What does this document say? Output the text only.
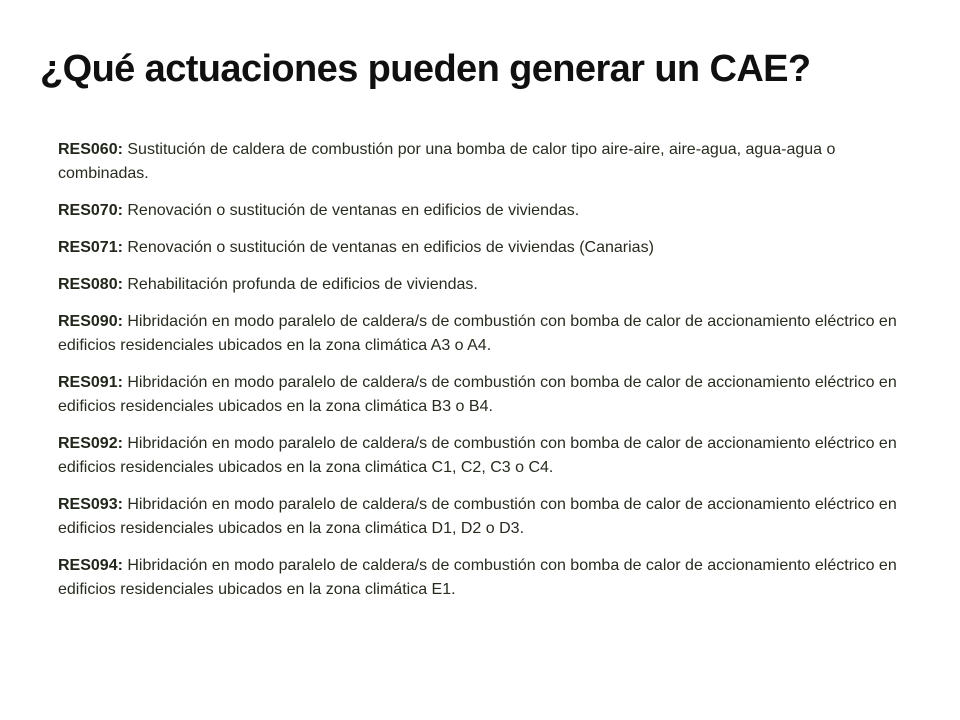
¿Qué actuaciones pueden generar un CAE?

RES060: Sustitución de caldera de combustión por una bomba de calor tipo aire-aire, aire-agua, agua-agua o combinadas.

RES070: Renovación o sustitución de ventanas en edificios de viviendas.

RES071: Renovación o sustitución de ventanas en edificios de viviendas (Canarias)

RES080: Rehabilitación profunda de edificios de viviendas.

RES090: Hibridación en modo paralelo de caldera/s de combustión con bomba de calor de accionamiento eléctrico en edificios residenciales ubicados en la zona climática A3 o A4.

RES091: Hibridación en modo paralelo de caldera/s de combustión con bomba de calor de accionamiento eléctrico en edificios residenciales ubicados en la zona climática B3 o B4.

RES092: Hibridación en modo paralelo de caldera/s de combustión con bomba de calor de accionamiento eléctrico en edificios residenciales ubicados en la zona climática C1, C2, C3 o C4.

RES093: Hibridación en modo paralelo de caldera/s de combustión con bomba de calor de accionamiento eléctrico en edificios residenciales ubicados en la zona climática D1, D2 o D3.

RES094: Hibridación en modo paralelo de caldera/s de combustión con bomba de calor de accionamiento eléctrico en edificios residenciales ubicados en la zona climática E1.
